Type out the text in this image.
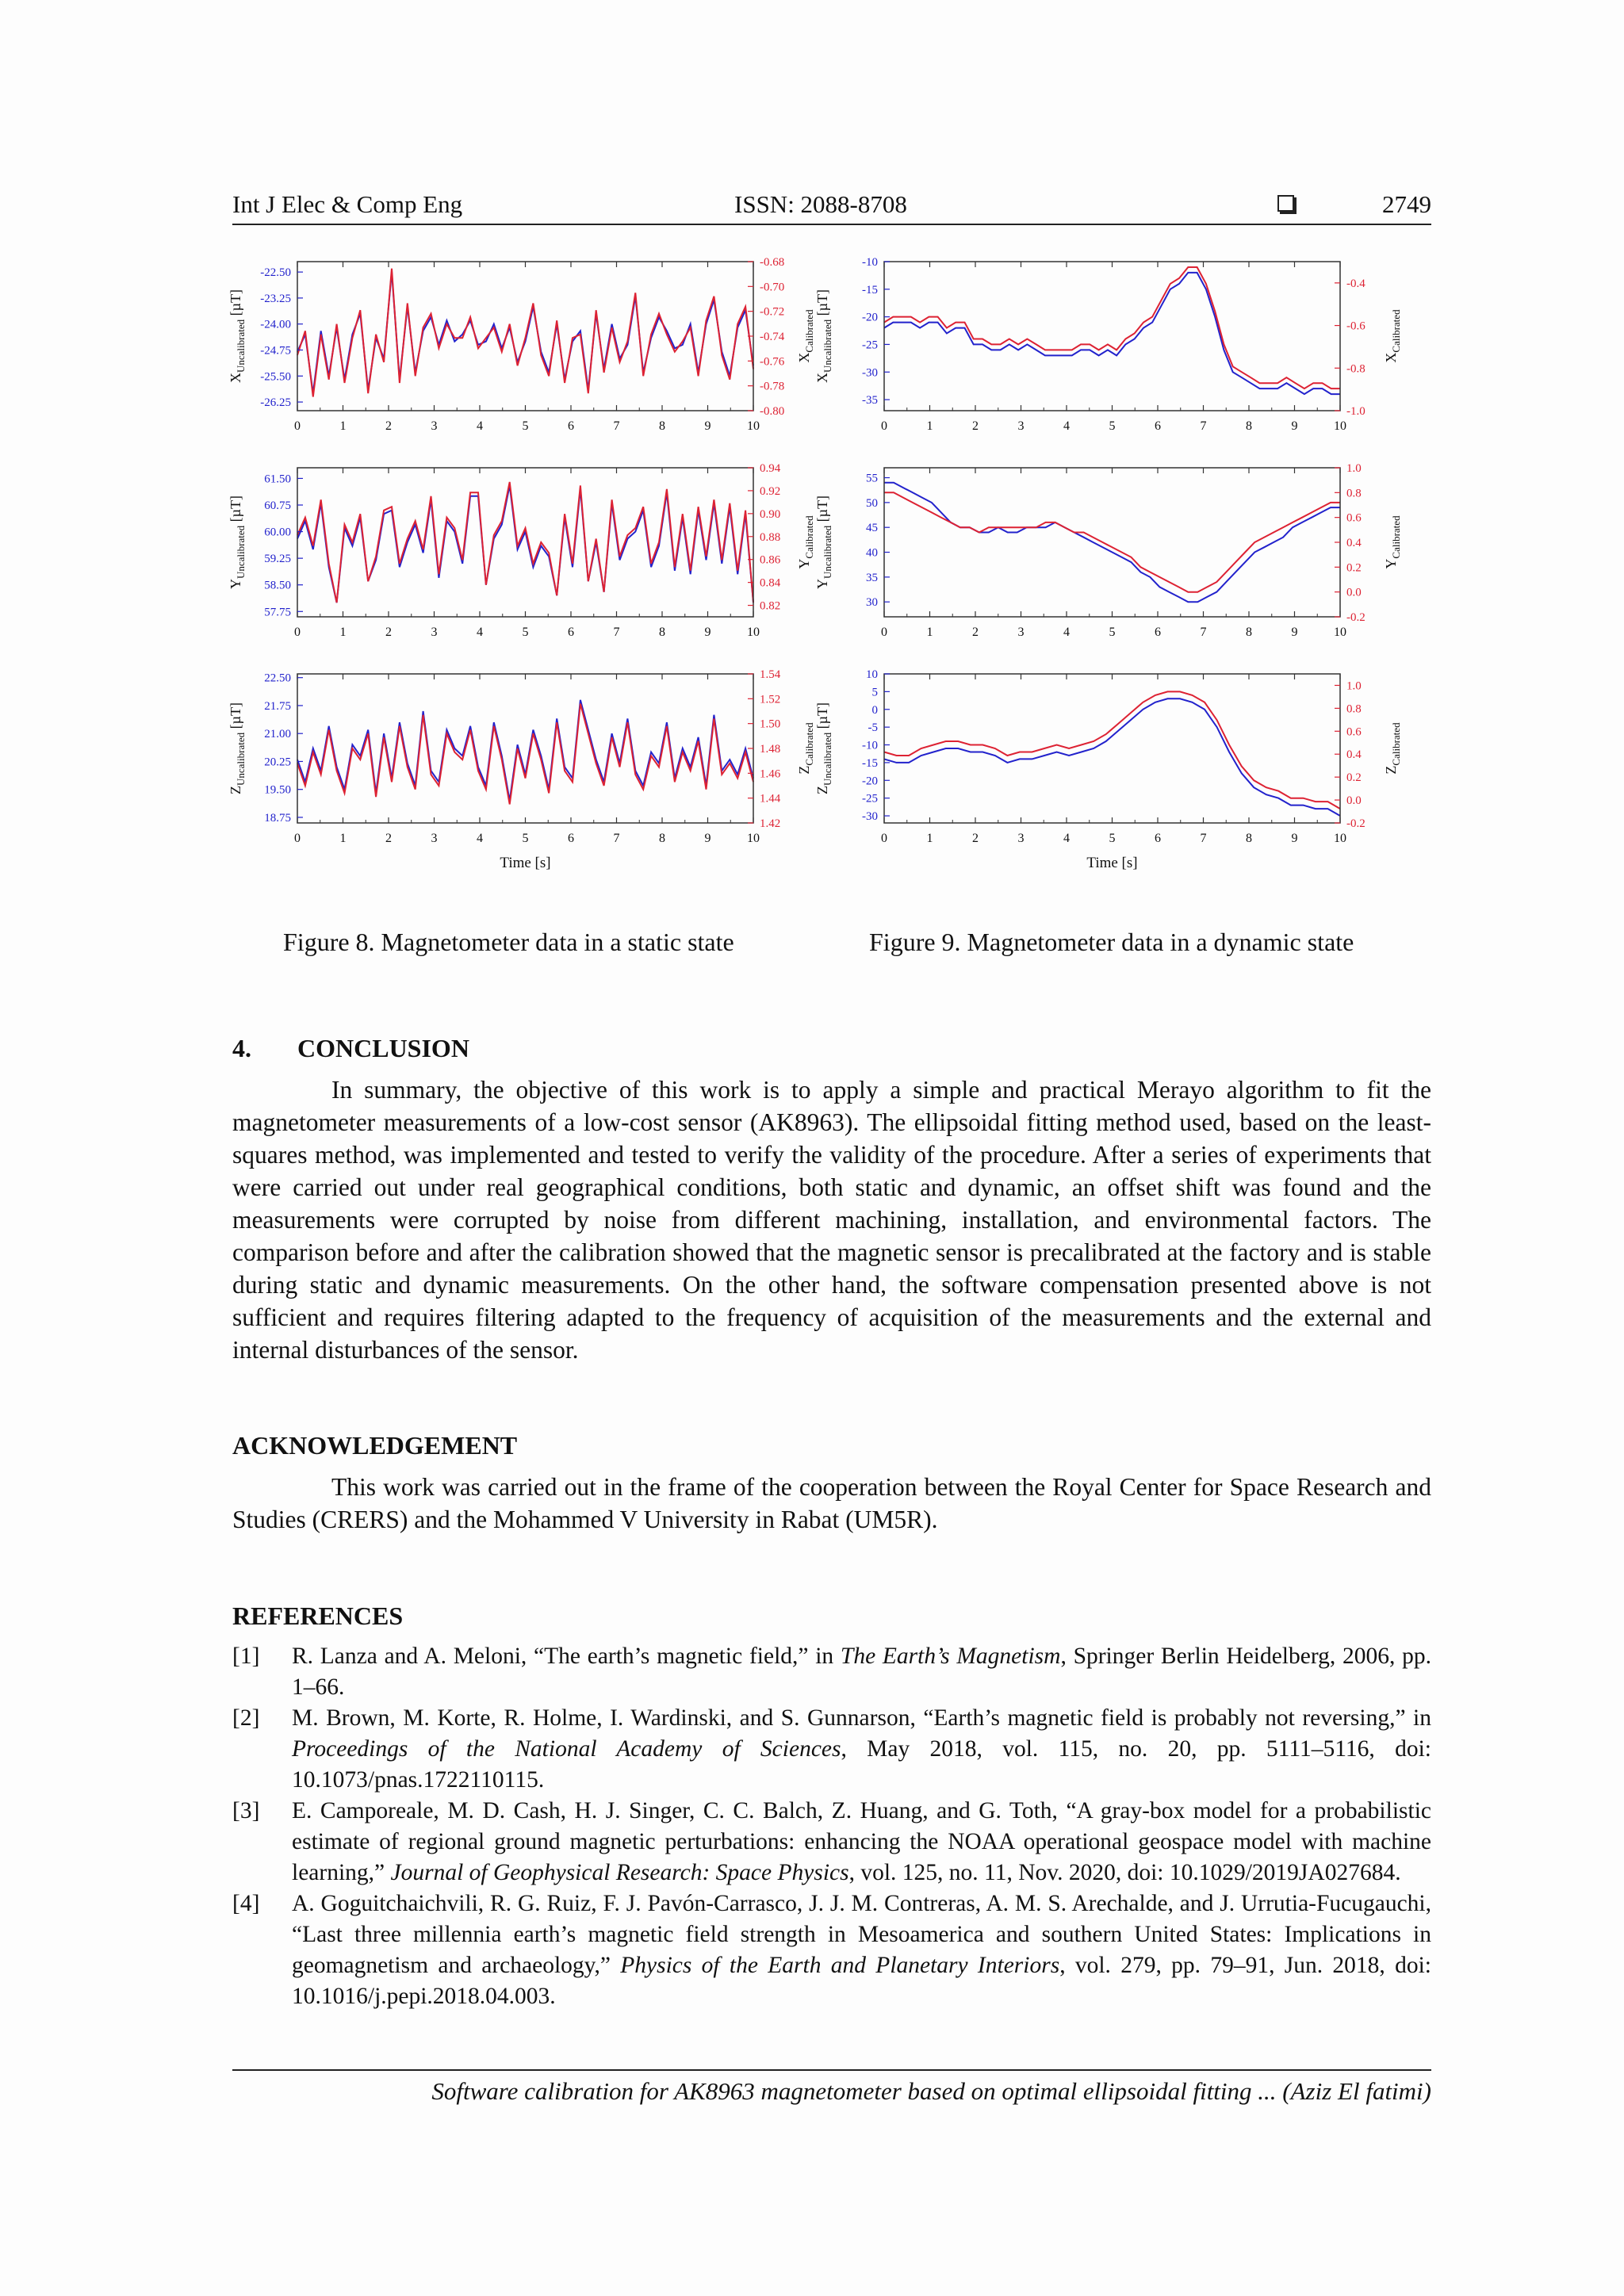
Int J Elec & Comp Eng	ISSN: 2088-8708	2749
0	1	2	3	4	5	6	7	8	9	10
-22.50
-23.25
-24.00
-24.75
-25.50
-26.25
-0.68
-0.70
-0.72
-0.74
-0.76
-0.78
-0.80
$X_{Uncalibrated}$ [µT]
$X_{Calibrated}$
0	1	2	3	4	5	6	7	8	9	10
61.50
60.75
60.00
59.25
58.50
57.75
0.94
0.92
0.90
0.88
0.86
0.84
0.82
$Y_{Uncalibrated}$ [µT]
$Y_{Calibrated}$
0	1	2	3	4	5	6	7	8	9	10
22.50
21.75
21.00
20.25
19.50
18.75
1.54
1.52
1.50
1.48
1.46
1.44
1.42
$Z_{Uncalibrated}$ [µT]
$Z_{Calibrated}$
Time [s]
0	1	2	3	4	5	6	7	8	9	10
-10
-15
-20
-25
-30
-35
-0.4
-0.6
-0.8
-1.0
$X_{Uncalibrated}$ [µT]
$X_{Calibrated}$
0	1	2	3	4	5	6	7	8	9	10
55
50
45
40
35
30
1.0
0.8
0.6
0.4
0.2
0.0
-0.2
$Y_{Uncalibrated}$ [µT]
$Y_{Calibrated}$
0	1	2	3	4	5	6	7	8	9	10
10
5
0
-5
-10
-15
-20
-25
-30
1.0
0.8
0.6
0.4
0.2
0.0
-0.2
$Z_{Uncalibrated}$ [µT]
$Z_{Calibrated}$
Time [s]
Figure 8. Magnetometer data in a static state	Figure 9. Magnetometer data in a dynamic state
4. CONCLUSION

In summary, the objective of this work is to apply a simple and practical Merayo algorithm to fit the magnetometer measurements of a low-cost sensor (AK8963). The ellipsoidal fitting method used, based on the least-squares method, was implemented and tested to verify the validity of the procedure. After a series of experiments that were carried out under real geographical conditions, both static and dynamic, an offset shift was found and the measurements were corrupted by noise from different machining, installation, and environmental factors. The comparison before and after the calibration showed that the magnetic sensor is precalibrated at the factory and is stable during static and dynamic measurements. On the other hand, the software compensation presented above is not sufficient and requires filtering adapted to the frequency of acquisition of the measurements and the external and internal disturbances of the sensor.

ACKNOWLEDGEMENT

This work was carried out in the frame of the cooperation between the Royal Center for Space Research and Studies (CRERS) and the Mohammed V University in Rabat (UM5R).

REFERENCES
[1]	R. Lanza and A. Meloni, “The earth’s magnetic field,” in The Earth’s Magnetism, Springer Berlin Heidelberg, 2006, pp. 1–66.
[2]	M. Brown, M. Korte, R. Holme, I. Wardinski, and S. Gunnarson, “Earth’s magnetic field is probably not reversing,” in Proceedings of the National Academy of Sciences, May 2018, vol. 115, no. 20, pp. 5111–5116, doi: 10.1073/pnas.1722110115.
[3]	E. Camporeale, M. D. Cash, H. J. Singer, C. C. Balch, Z. Huang, and G. Toth, “A gray-box model for a probabilistic estimate of regional ground magnetic perturbations: enhancing the NOAA operational geospace model with machine learning,” Journal of Geophysical Research: Space Physics, vol. 125, no. 11, Nov. 2020, doi: 10.1029/2019JA027684.
[4]	A. Goguitchaichvili, R. G. Ruiz, F. J. Pavón-Carrasco, J. J. M. Contreras, A. M. S. Arechalde, and J. Urrutia-Fucugauchi, “Last three millennia earth’s magnetic field strength in Mesoamerica and southern United States: Implications in geomagnetism and archaeology,” Physics of the Earth and Planetary Interiors, vol. 279, pp. 79–91, Jun. 2018, doi: 10.1016/j.pepi.2018.04.003.
Software calibration for AK8963 magnetometer based on optimal ellipsoidal fitting ... (Aziz El fatimi)
